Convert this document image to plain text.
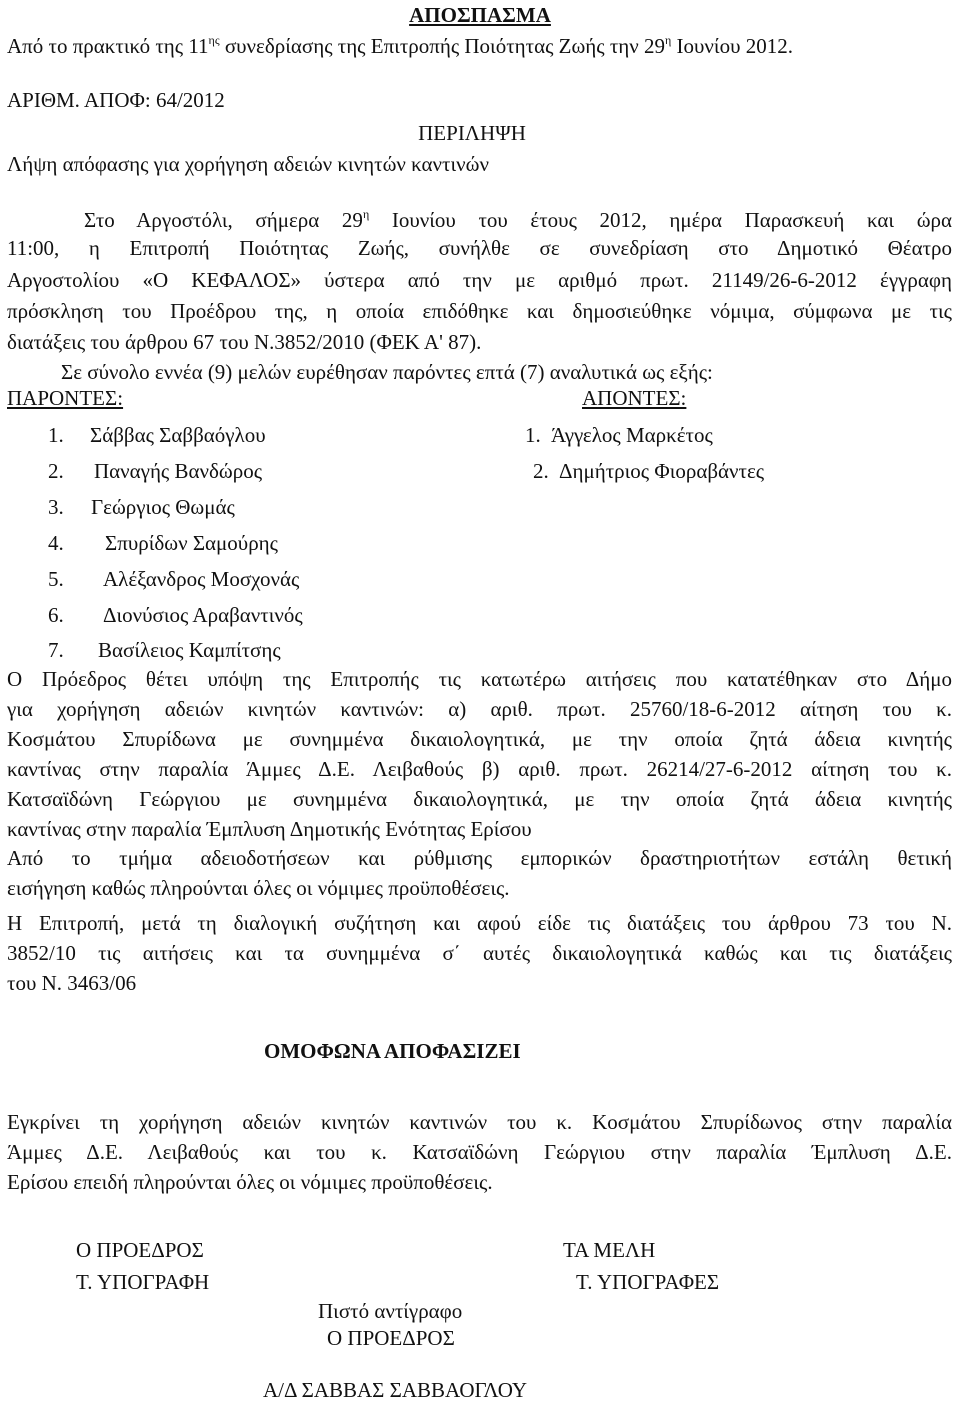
ΑΠΟΣΠΑΣΜΑ
Από το πρακτικό της $11^{\eta\varsigma}$ συνεδρίασης της Επιτροπής Ποιότητας Ζωής την $29^\eta$ Ιουνίου 2012.
ΑΡΙΘΜ. ΑΠΟΦ: 64/2012
ΠΕΡΙΛΗΨΗ
Λήψη απόφασης για χορήγηση αδειών κινητών καντινών
Στο Αργοστόλι, σήμερα $29^\eta$ Ιουνίου του έτους 2012, ημέρα Παρασκευή και ώρα
11:00, η Επιτροπή Ποιότητας Ζωής, συνήλθε σε συνεδρίαση στο Δημοτικό Θέατρο
Αργοστολίου «Ο ΚΕΦΑΛΟΣ» ύστερα από την με αριθμό πρωτ. 21149/26-6-2012 έγγραφη
πρόσκληση του Προέδρου της, η οποία επιδόθηκε και δημοσιεύθηκε νόμιμα, σύμφωνα με τις
διατάξεις του άρθρου 67 του Ν.3852/2010 (ΦΕΚ Α' 87).
Σε σύνολο εννέα (9) μελών ευρέθησαν παρόντες επτά (7) αναλυτικά ως εξής:
ΠΑΡΟΝΤΕΣ:	ΑΠΟΝΤΕΣ:
1. Σάββας Σαββαόγλου
2. Παναγής Βανδώρος
3. Γεώργιος Θωμάς
4. Σπυρίδων Σαμούρης
5. Αλέξανδρος Μοσχονάς
6. Διονύσιος Αραβαντινός
7. Βασίλειος Καμπίτσης
1. Άγγελος Μαρκέτος
2. Δημήτριος Φιοραβάντες
Ο Πρόεδρος θέτει υπόψη της Επιτροπής τις κατωτέρω αιτήσεις που κατατέθηκαν στο Δήμο
για χορήγηση αδειών κινητών καντινών: α) αριθ. πρωτ. 25760/18-6-2012 αίτηση του κ.
Κοσμάτου Σπυρίδωνα με συνημμένα δικαιολογητικά, με την οποία ζητά άδεια κινητής
καντίνας στην παραλία Άμμες Δ.Ε. Λειβαθούς β) αριθ. πρωτ. 26214/27-6-2012 αίτηση του κ.
Κατσαϊδώνη Γεώργιου με συνημμένα δικαιολογητικά, με την οποία ζητά άδεια κινητής
καντίνας στην παραλία Έμπλυση Δημοτικής Ενότητας Ερίσου
Από το τμήμα αδειοδοτήσεων και ρύθμισης εμπορικών δραστηριοτήτων εστάλη θετική
εισήγηση καθώς πληρούνται όλες οι νόμιμες προϋποθέσεις.
Η Επιτροπή, μετά τη διαλογική συζήτηση και αφού είδε τις διατάξεις του άρθρου 73 του Ν.
3852/10 τις αιτήσεις και τα συνημμένα σ΄ αυτές δικαιολογητικά καθώς και τις διατάξεις
του Ν. 3463/06
ΟΜΟΦΩΝΑ ΑΠΟΦΑΣΙΖΕΙ
Εγκρίνει τη χορήγηση αδειών κινητών καντινών του κ. Κοσμάτου Σπυρίδωνος στην παραλία
Άμμες Δ.Ε. Λειβαθούς και του κ. Κατσαϊδώνη Γεώργιου στην παραλία Έμπλυση Δ.Ε.
Ερίσου επειδή πληρούνται όλες οι νόμιμες προϋποθέσεις.
Ο ΠΡΟΕΔΡΟΣ
Τ. ΥΠΟΓΡΑΦΗ
ΤΑ ΜΕΛΗ
Τ. ΥΠΟΓΡΑΦΕΣ
Πιστό αντίγραφο
Ο ΠΡΟΕΔΡΟΣ
Α/Δ ΣΑΒΒΑΣ ΣΑΒΒΑΟΓΛΟΥ
